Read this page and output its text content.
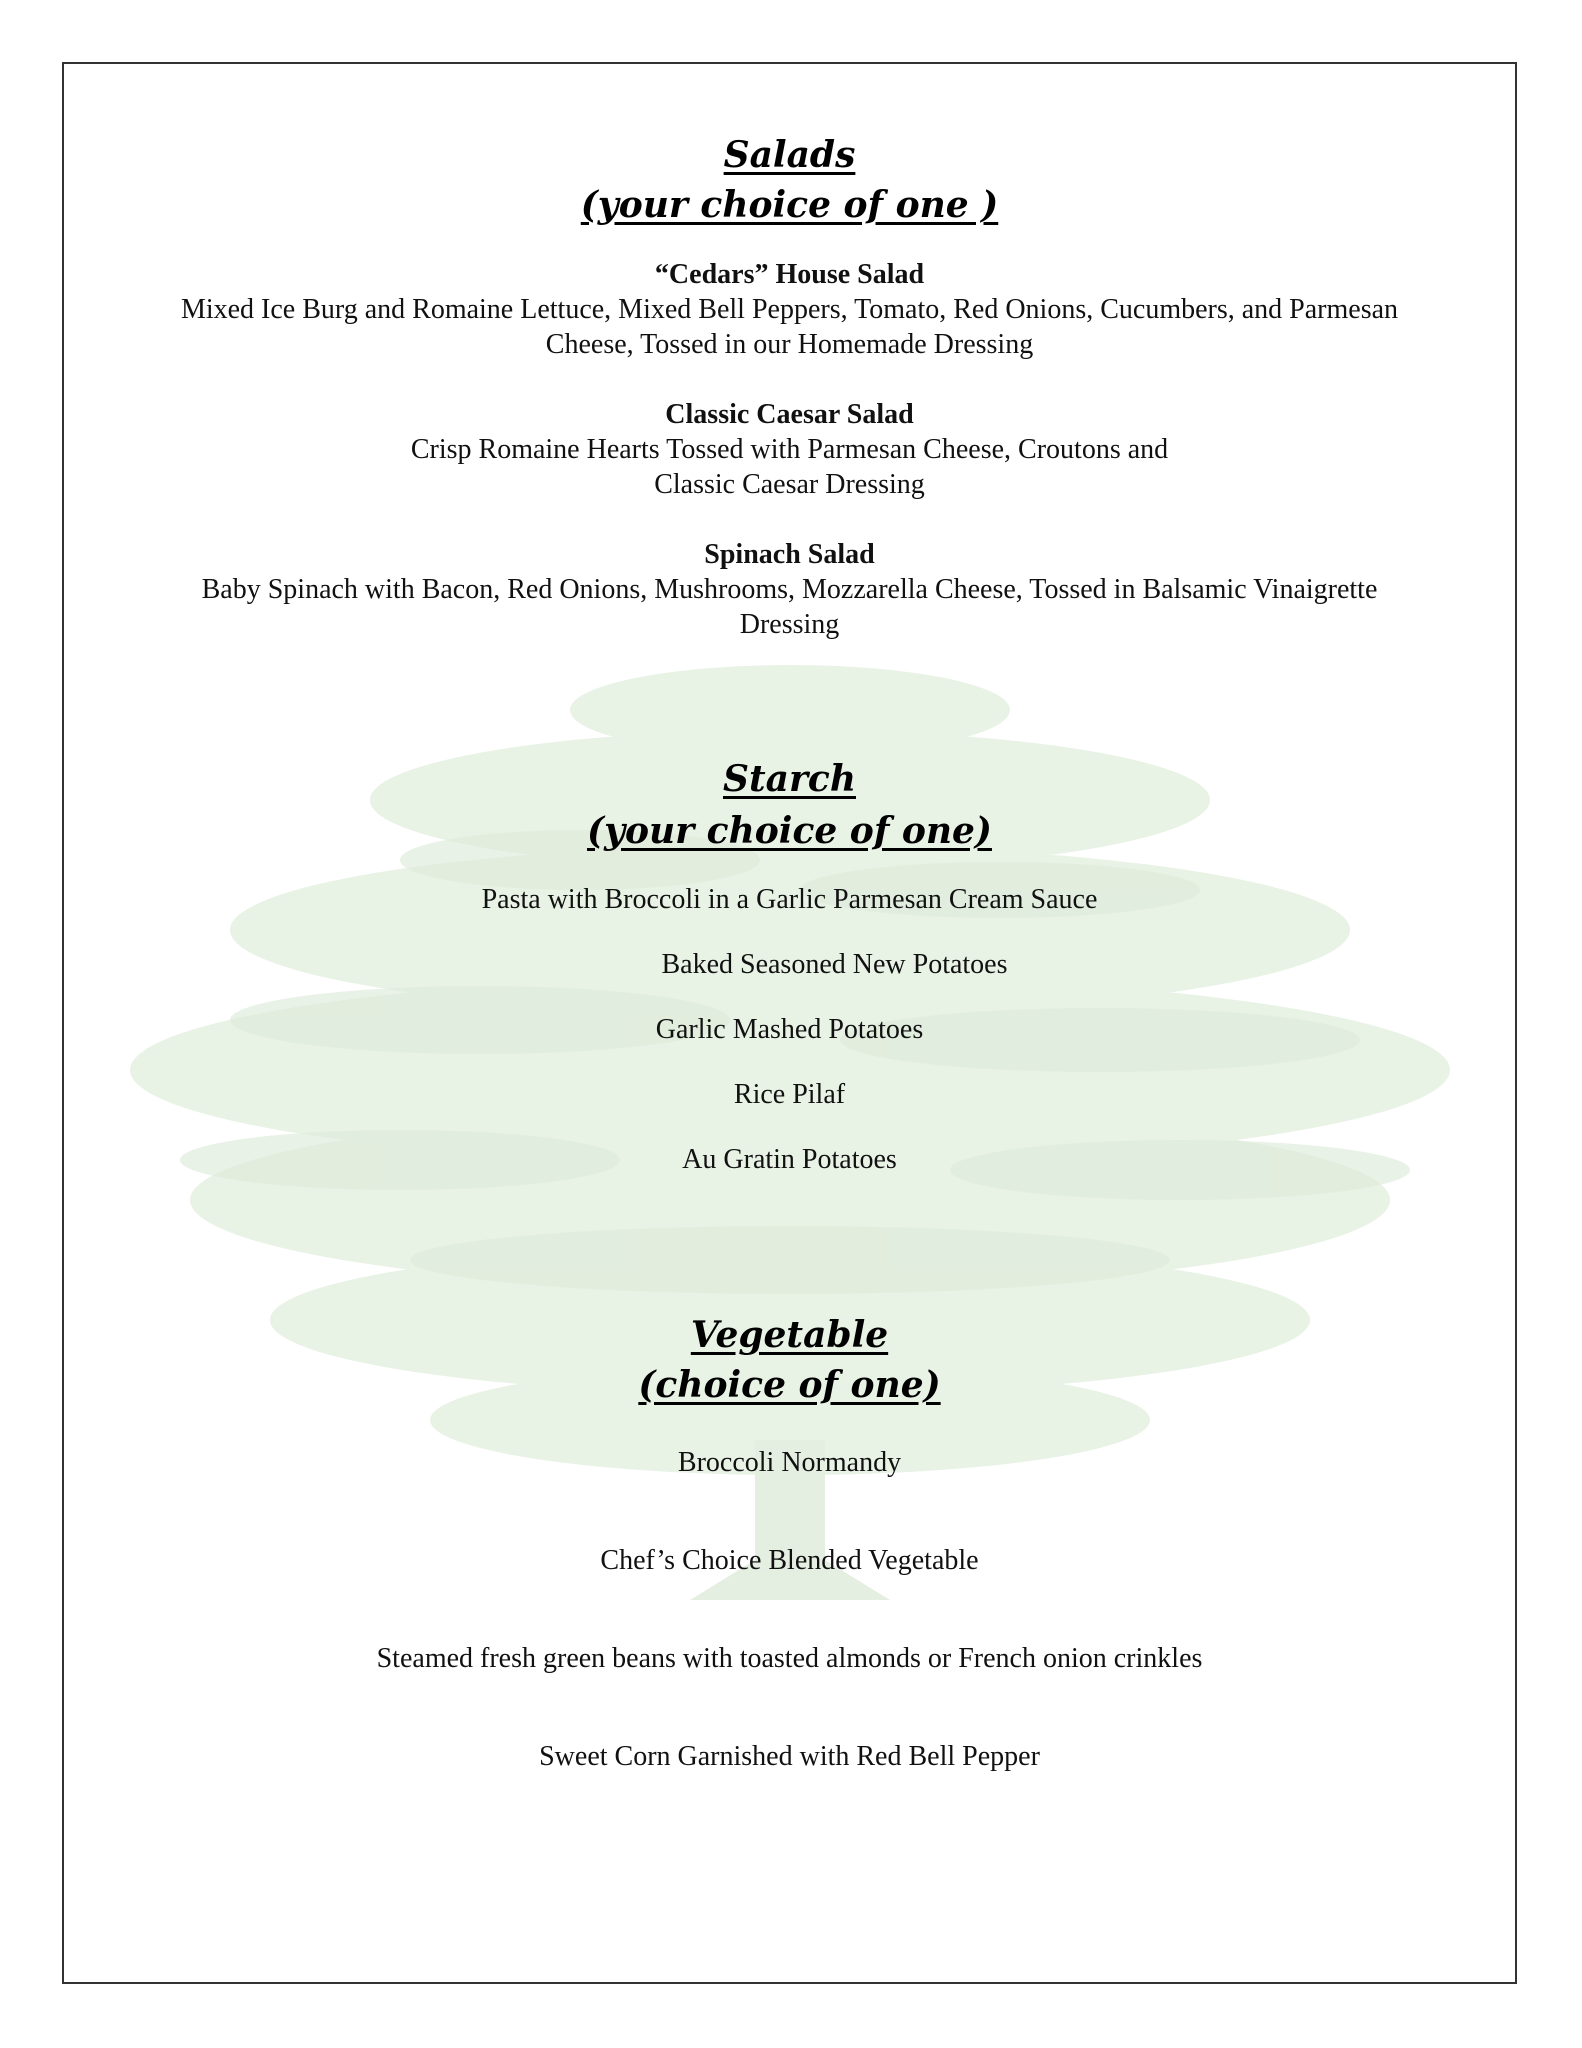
Salads
(your choice of one )
“Cedars” House Salad
Mixed Ice Burg and Romaine Lettuce, Mixed Bell Peppers, Tomato, Red Onions, Cucumbers, and Parmesan
Cheese, Tossed in our Homemade Dressing
Classic Caesar Salad
Crisp Romaine Hearts Tossed with Parmesan Cheese, Croutons and
Classic Caesar Dressing
Spinach Salad
Baby Spinach with Bacon, Red Onions, Mushrooms, Mozzarella Cheese, Tossed in Balsamic Vinaigrette
Dressing
Starch
(your choice of one)
Pasta with Broccoli in a Garlic Parmesan Cream Sauce
Baked Seasoned New Potatoes
Garlic Mashed Potatoes
Rice Pilaf
Au Gratin Potatoes
Vegetable
(choice of one)
Broccoli Normandy
Chef’s Choice Blended Vegetable
Steamed fresh green beans with toasted almonds or French onion crinkles
Sweet Corn Garnished with Red Bell Pepper
